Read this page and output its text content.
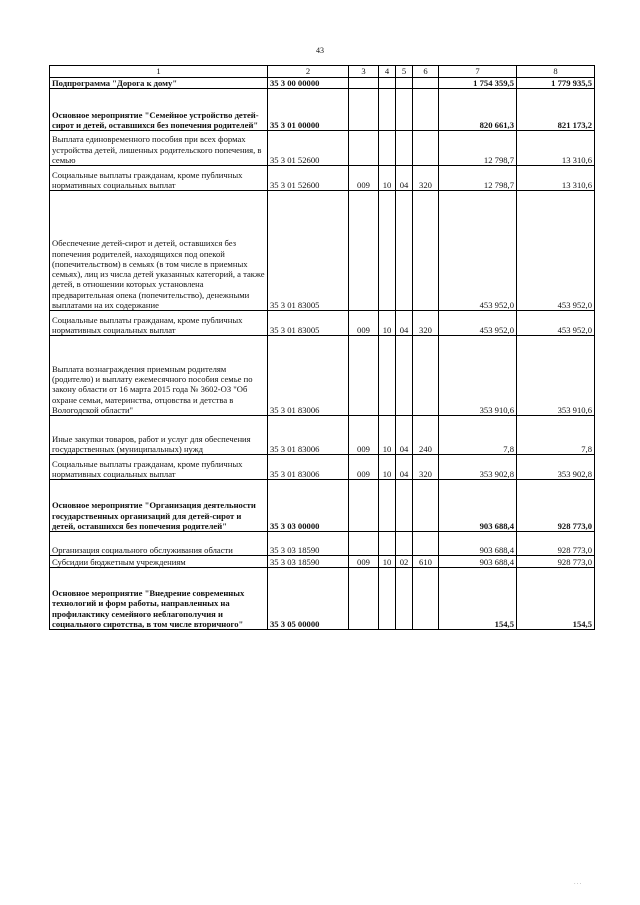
43
1	2	3	4	5	6	7	8
Подпрограмма "Дорога к дому"	35 3 00 00000					1 754 359,5	1 779 935,5
Основное мероприятие "Семейное устройство детей-сирот и детей, оставшихся без попечения родителей"	35 3 01 00000					820 661,3	821 173,2
Выплата единовременного пособия при всех формах устройства детей, лишенных родительского попечения, в семью	35 3 01 52600					12 798,7	13 310,6
Социальные выплаты гражданам, кроме публичных нормативных социальных выплат	35 3 01 52600	009	10	04	320	12 798,7	13 310,6
Обеспечение детей-сирот и детей, оставшихся без попечения родителей, находящихся под опекой (попечительством) в семьях (в том числе в приемных семьях), лиц из числа детей указанных категорий, а также детей, в отношении которых установлена предварительная опека (попечительство), денежными выплатами на их содержание	35 3 01 83005					453 952,0	453 952,0
Социальные выплаты гражданам, кроме публичных нормативных социальных выплат	35 3 01 83005	009	10	04	320	453 952,0	453 952,0
Выплата вознаграждения приемным родителям (родителю) и выплату ежемесячного пособия семье по закону области от 16 марта 2015 года № 3602-ОЗ "Об охране семьи, материнства, отцовства и детства в Вологодской области"	35 3 01 83006					353 910,6	353 910,6
Иные закупки товаров, работ и услуг для обеспечения государственных (муниципальных) нужд	35 3 01 83006	009	10	04	240	7,8	7,8
Социальные выплаты гражданам, кроме публичных нормативных социальных выплат	35 3 01 83006	009	10	04	320	353 902,8	353 902,8
Основное мероприятие "Организация деятельности государственных организаций для детей-сирот и детей, оставшихся без попечения родителей"	35 3 03 00000					903 688,4	928 773,0
Организация социального обслуживания области	35 3 03 18590					903 688,4	928 773,0
Субсидии бюджетным учреждениям	35 3 03 18590	009	10	02	610	903 688,4	928 773,0
Основное мероприятие "Внедрение современных технологий и форм работы, направленных на профилактику семейного неблагополучия и социального сиротства, в том числе вторичного"	35 3 05 00000					154,5	154,5
· · ·
